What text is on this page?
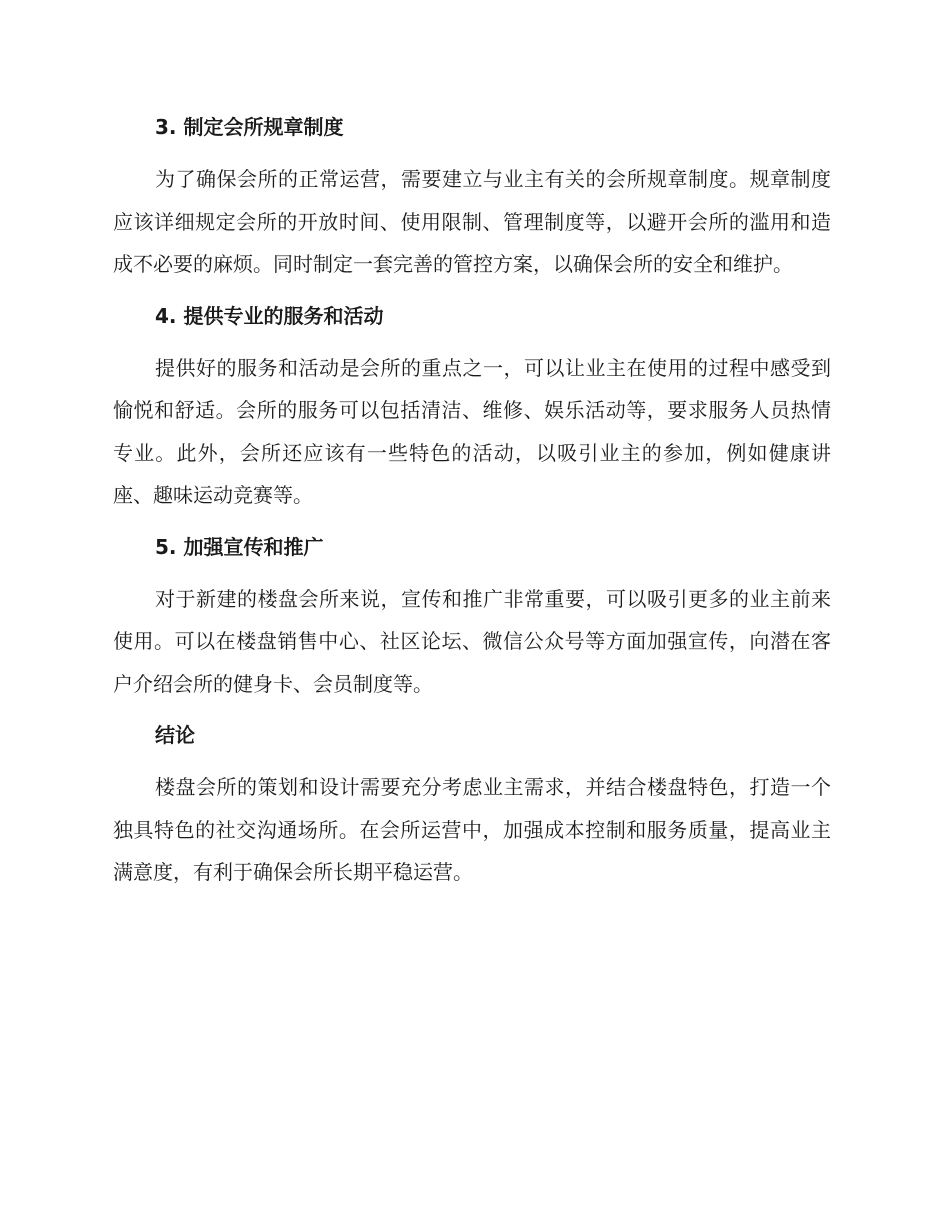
3. 制定会所规章制度

为了确保会所的正常运营，需要建立与业主有关的会所规章制度。规章制度应该详细规定会所的开放时间、使用限制、管理制度等，以避开会所的滥用和造成不必要的麻烦。同时制定一套完善的管控方案，以确保会所的安全和维护。

4. 提供专业的服务和活动

提供好的服务和活动是会所的重点之一，可以让业主在使用的过程中感受到愉悦和舒适。会所的服务可以包括清洁、维修、娱乐活动等，要求服务人员热情专业。此外，会所还应该有一些特色的活动，以吸引业主的参加，例如健康讲座、趣味运动竞赛等。

5. 加强宣传和推广

对于新建的楼盘会所来说，宣传和推广非常重要，可以吸引更多的业主前来使用。可以在楼盘销售中心、社区论坛、微信公众号等方面加强宣传，向潜在客户介绍会所的健身卡、会员制度等。

结论

楼盘会所的策划和设计需要充分考虑业主需求，并结合楼盘特色，打造一个独具特色的社交沟通场所。在会所运营中，加强成本控制和服务质量，提高业主满意度，有利于确保会所长期平稳运营。
